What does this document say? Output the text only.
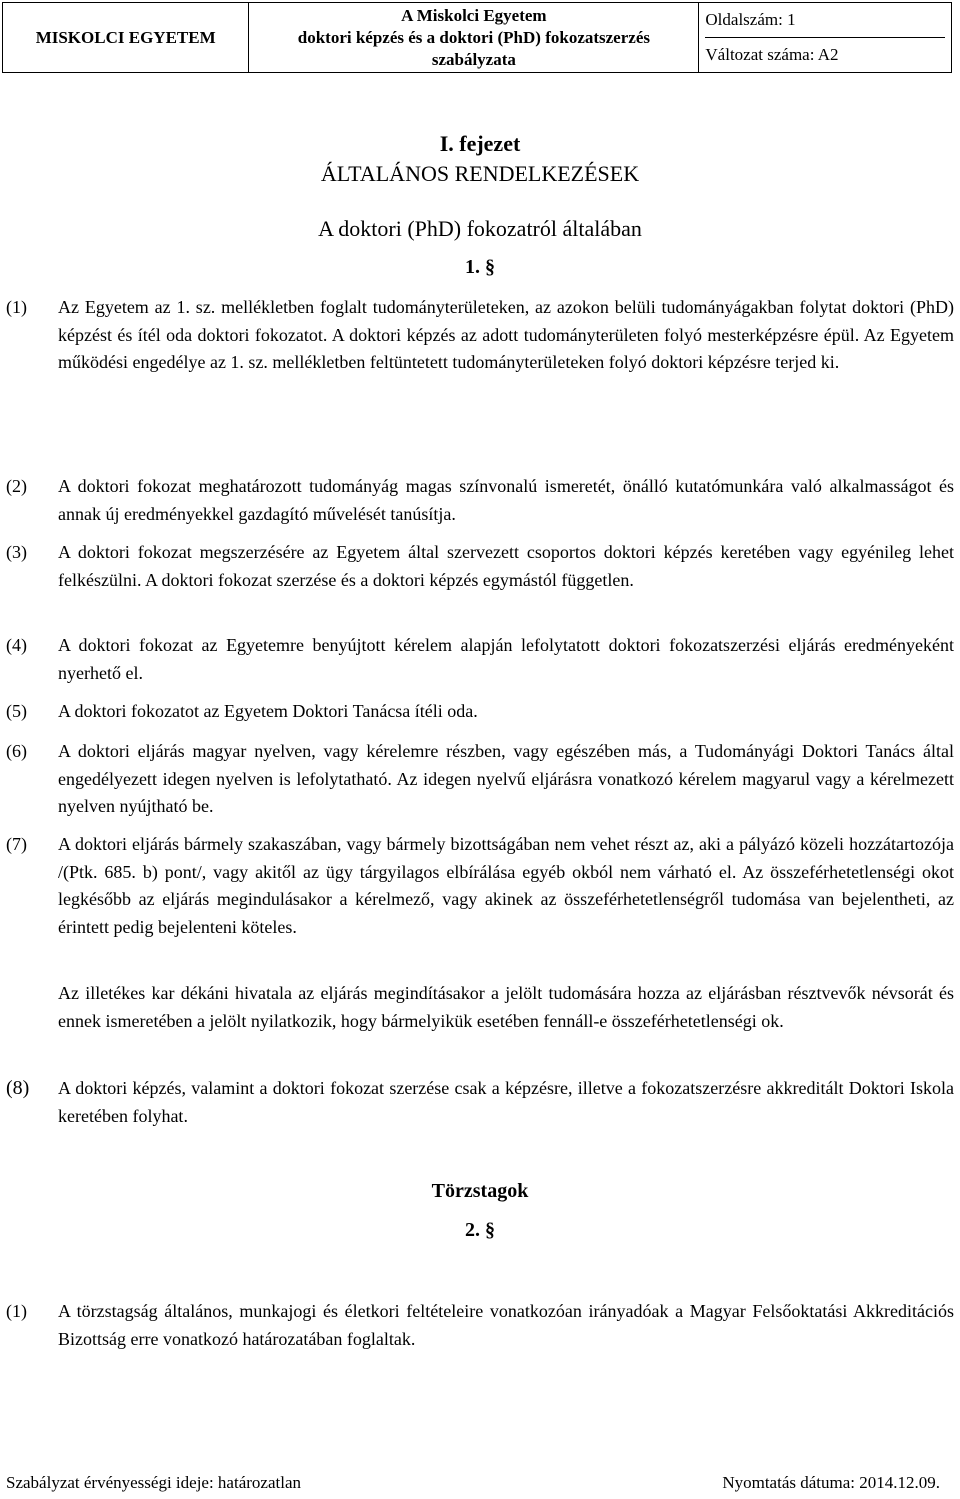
MISKOLCI EGYETEM	
A Miskolci Egyetem
doktori képzés és a doktori (PhD) fokozatszerzés
szabályzata

Oldalszám: 1
Változat száma: A2
I. fejezet
ÁLTALÁNOS RENDELKEZÉSEK
A doktori (PhD) fokozatról általában
1. §
(1) Az Egyetem az 1. sz. mellékletben foglalt tudományterületeken, az azokon belüli tudományágakban folytat doktori (PhD) képzést és ítél oda doktori fokozatot. A doktori képzés az adott tudományterületen folyó mesterképzésre épül. Az Egyetem működési engedélye az 1. sz. mellékletben feltüntetett tudományterületeken folyó doktori képzésre terjed ki.
(2) A doktori fokozat meghatározott tudományág magas színvonalú ismeretét, önálló kutatómunkára való alkalmasságot és annak új eredményekkel gazdagító művelését tanúsítja.
(3) A doktori fokozat megszerzésére az Egyetem által szervezett csoportos doktori képzés keretében vagy egyénileg lehet felkészülni. A doktori fokozat szerzése és a doktori képzés egymástól független.
(4) A doktori fokozat az Egyetemre benyújtott kérelem alapján lefolytatott doktori fokozatszerzési eljárás eredményeként nyerhető el.
(5) A doktori fokozatot az Egyetem Doktori Tanácsa ítéli oda.
(6) A doktori eljárás magyar nyelven, vagy kérelemre részben, vagy egészében más, a Tudományági Doktori Tanács által engedélyezett idegen nyelven is lefolytatható. Az idegen nyelvű eljárásra vonatkozó kérelem magyarul vagy a kérelmezett nyelven nyújtható be.
(7) A doktori eljárás bármely szakaszában, vagy bármely bizottságában nem vehet részt az, aki a pályázó közeli hozzátartozója /(Ptk. 685. b) pont/, vagy akitől az ügy tárgyilagos elbírálása egyéb okból nem várható el. Az összeférhetetlenségi okot legkésőbb az eljárás megindulásakor a kérelmező, vagy akinek az összeférhetetlenségről tudomása van bejelentheti, az érintett pedig bejelenteni köteles.
Az illetékes kar dékáni hivatala az eljárás megindításakor a jelölt tudomására hozza az eljárásban résztvevők névsorát és ennek ismeretében a jelölt nyilatkozik, hogy bármelyikük esetében fennáll-e összeférhetetlenségi ok.
(8) A doktori képzés, valamint a doktori fokozat szerzése csak a képzésre, illetve a fokozatszerzésre akkreditált Doktori Iskola keretében folyhat.
Törzstagok
2. §
(1) A törzstagság általános, munkajogi és életkori feltételeire vonatkozóan irányadóak a Magyar Felsőoktatási Akkreditációs Bizottság erre vonatkozó határozatában foglaltak.
Szabályzat érvényességi ideje: határozatlan	Nyomtatás dátuma: 2014.12.09.
